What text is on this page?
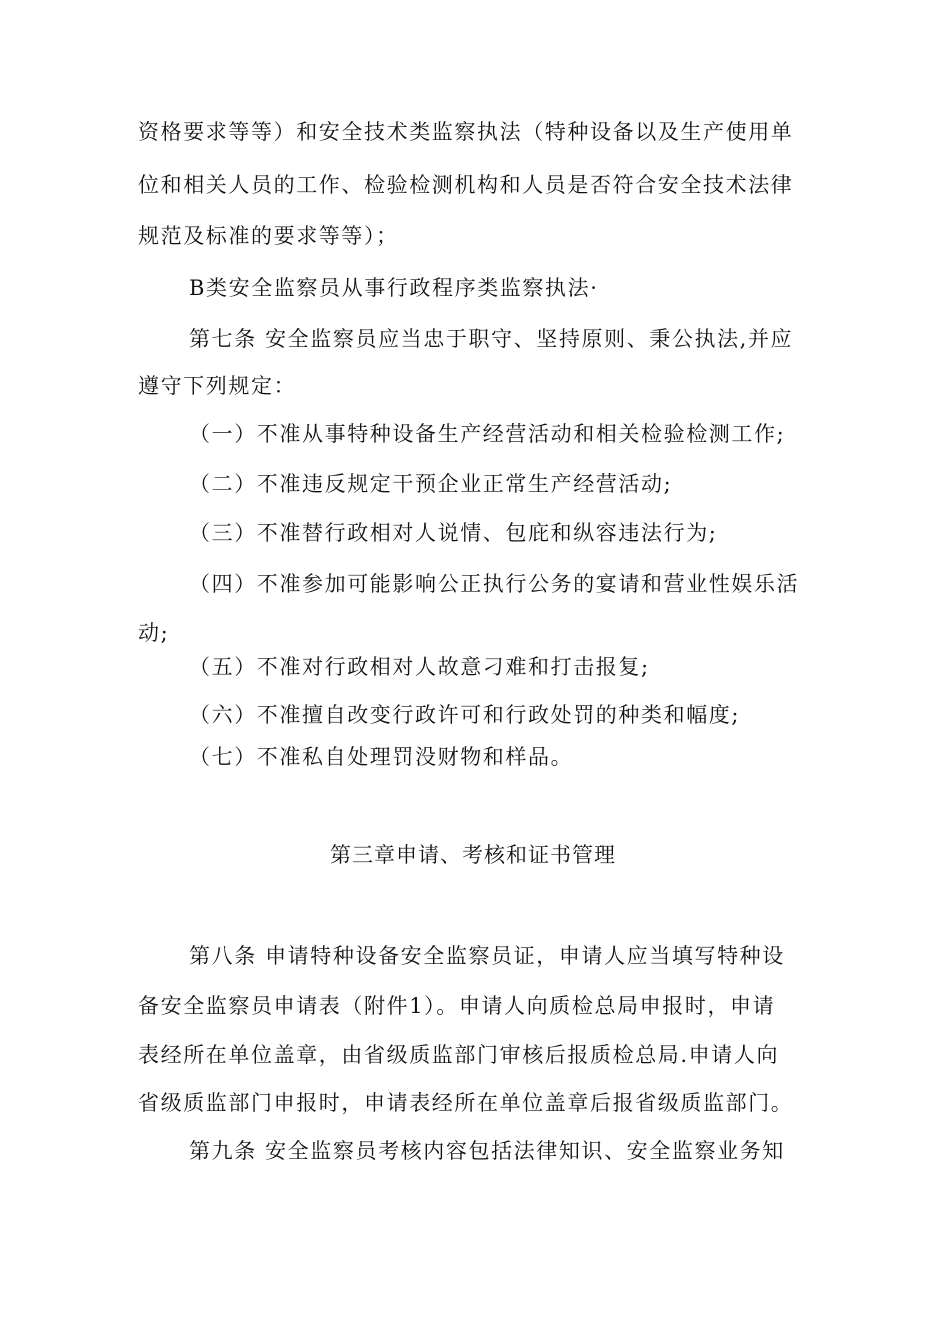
资格要求等等）和安全技术类监察执法（特种设备以及生产使用单
位和相关人员的工作、检验检测机构和人员是否符合安全技术法律
规范及标准的要求等等）；
B类安全监察员从事行政程序类监察执法·
第七条 安全监察员应当忠于职守、坚持原则、秉公执法,并应
遵守下列规定：
（一）不准从事特种设备生产经营活动和相关检验检测工作;
（二）不准违反规定干预企业正常生产经营活动;
（三）不准替行政相对人说情、包庇和纵容违法行为;
（四）不准参加可能影响公正执行公务的宴请和营业性娱乐活
动;
（五）不准对行政相对人故意刁难和打击报复;
（六）不准擅自改变行政许可和行政处罚的种类和幅度;
（七）不准私自处理罚没财物和样品。
第三章申请、考核和证书管理
第八条 申请特种设备安全监察员证，申请人应当填写特种设
备安全监察员申请表（附件1）。申请人向质检总局申报时，申请
表经所在单位盖章，由省级质监部门审核后报质检总局.申请人向
省级质监部门申报时，申请表经所在单位盖章后报省级质监部门。
第九条 安全监察员考核内容包括法律知识、安全监察业务知
